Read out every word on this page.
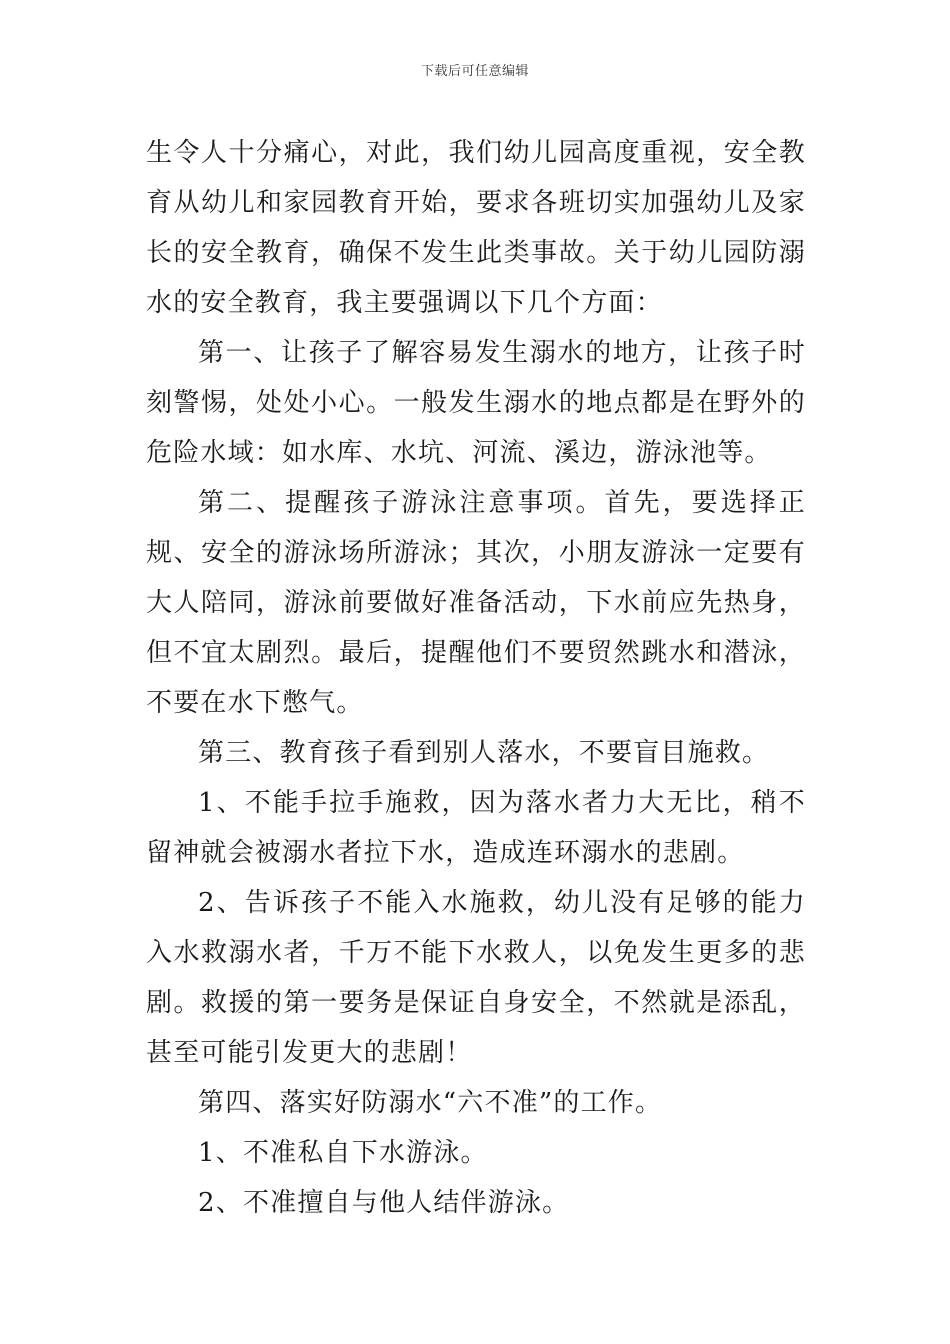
下载后可任意编辑

生令人十分痛心，对此，我们幼儿园高度重视，安全教育从幼儿和家园教育开始，要求各班切实加强幼儿及家长的安全教育，确保不发生此类事故。关于幼儿园防溺水的安全教育，我主要强调以下几个方面：

第一、让孩子了解容易发生溺水的地方，让孩子时刻警惕，处处小心。一般发生溺水的地点都是在野外的危险水域：如水库、水坑、河流、溪边，游泳池等。

第二、提醒孩子游泳注意事项。首先，要选择正规、安全的游泳场所游泳；其次，小朋友游泳一定要有大人陪同，游泳前要做好准备活动，下水前应先热身，但不宜太剧烈。最后，提醒他们不要贸然跳水和潜泳，不要在水下憋气。

第三、教育孩子看到别人落水，不要盲目施救。

1、不能手拉手施救，因为落水者力大无比，稍不留神就会被溺水者拉下水，造成连环溺水的悲剧。

2、告诉孩子不能入水施救，幼儿没有足够的能力入水救溺水者，千万不能下水救人，以免发生更多的悲剧。救援的第一要务是保证自身安全，不然就是添乱，甚至可能引发更大的悲剧！

第四、落实好防溺水“六不准”的工作。

1、不准私自下水游泳。

2、不准擅自与他人结伴游泳。
